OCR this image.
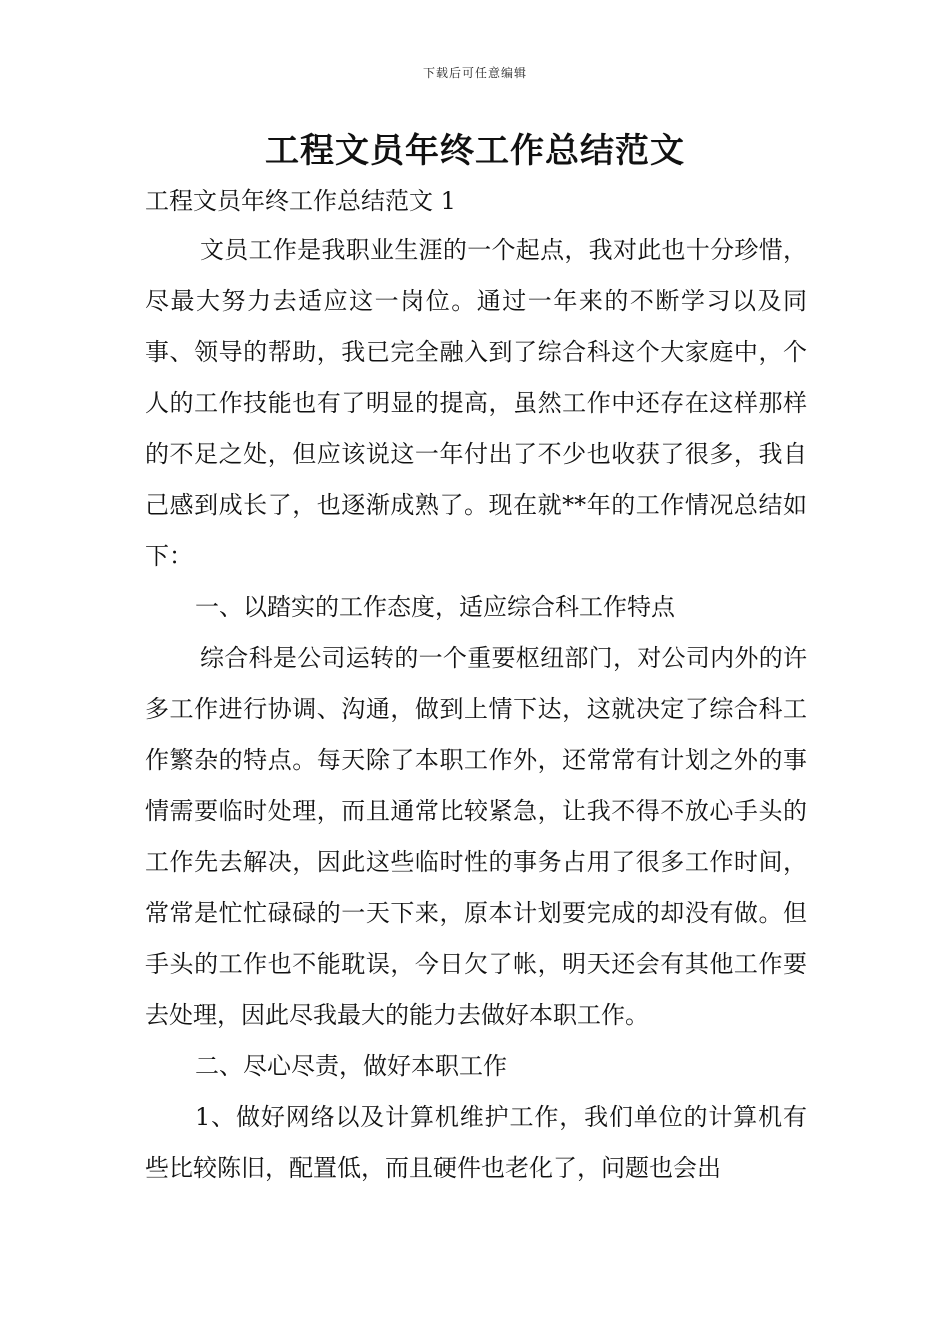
下载后可任意编辑
工程文员年终工作总结范文
工程文员年终工作总结范文 1

文员工作是我职业生涯的一个起点，我对此也十分珍惜，尽最大努力去适应这一岗位。通过一年来的不断学习以及同事、领导的帮助，我已完全融入到了综合科这个大家庭中，个人的工作技能也有了明显的提高，虽然工作中还存在这样那样的不足之处，但应该说这一年付出了不少也收获了很多，我自己感到成长了，也逐渐成熟了。现在就**年的工作情况总结如下：

一、以踏实的工作态度，适应综合科工作特点

综合科是公司运转的一个重要枢纽部门，对公司内外的许多工作进行协调、沟通，做到上情下达，这就决定了综合科工作繁杂的特点。每天除了本职工作外，还常常有计划之外的事情需要临时处理，而且通常比较紧急，让我不得不放心手头的工作先去解决，因此这些临时性的事务占用了很多工作时间，常常是忙忙碌碌的一天下来，原本计划要完成的却没有做。但手头的工作也不能耽误，今日欠了帐，明天还会有其他工作要去处理，因此尽我最大的能力去做好本职工作。

二、尽心尽责，做好本职工作

1、做好网络以及计算机维护工作，我们单位的计算机有些比较陈旧，配置低，而且硬件也老化了，问题也会出
